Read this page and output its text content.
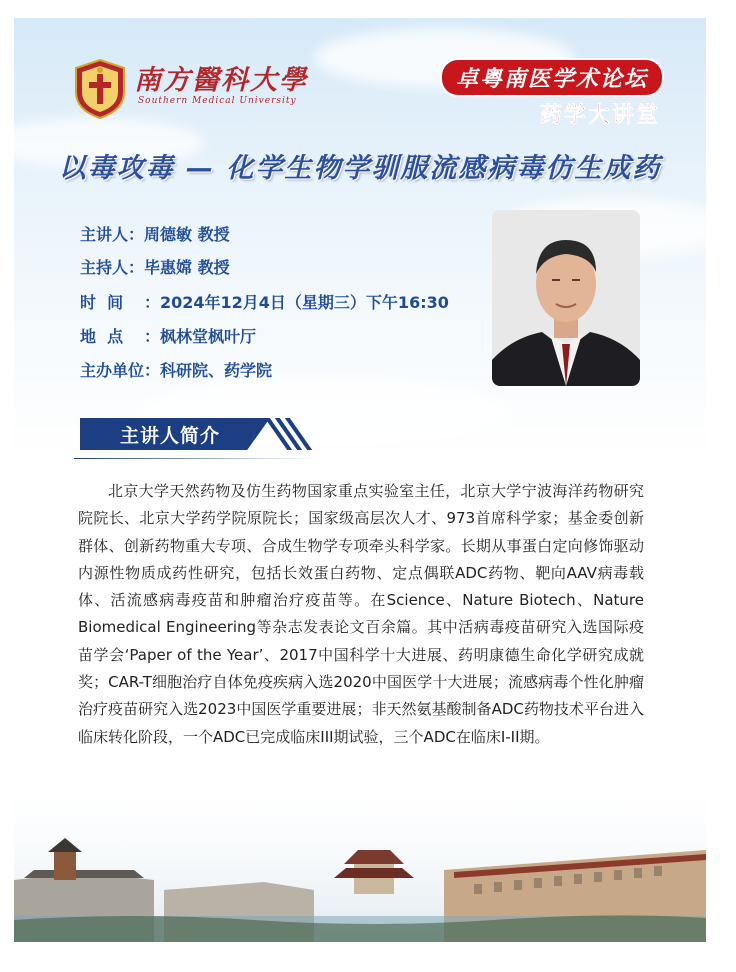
南方醫科大學
Southern Medical University
卓粤南医学术论坛
药学大讲堂
以毒攻毒 — 化学生物学驯服流感病毒仿生成药
主讲人：周德敏 教授
主持人：毕惠嫦 教授
时  间 ：2024年12月4日（星期三）下午16:30
地  点 ：枫林堂枫叶厅
主办单位：科研院、药学院
主讲人简介

北京大学天然药物及仿生药物国家重点实验室主任，北京大学宁波海洋药物研究院院长、北京大学药学院原院长；国家级高层次人才、973首席科学家；基金委创新群体、创新药物重大专项、合成生物学专项牵头科学家。长期从事蛋白定向修饰驱动内源性物质成药性研究，包括长效蛋白药物、定点偶联ADC药物、靶向AAV病毒载体、活流感病毒疫苗和肿瘤治疗疫苗等。在Science、Nature Biotech、Nature Biomedical Engineering等杂志发表论文百余篇。其中活病毒疫苗研究入选国际疫苗学会‘Paper of the Year’、2017中国科学十大进展、药明康德生命化学研究成就奖；CAR-T细胞治疗自体免疫疾病入选2020中国医学十大进展；流感病毒个性化肿瘤治疗疫苗研究入选2023中国医学重要进展；非天然氨基酸制备ADC药物技术平台进入临床转化阶段，一个ADC已完成临床III期试验，三个ADC在临床I-II期。
